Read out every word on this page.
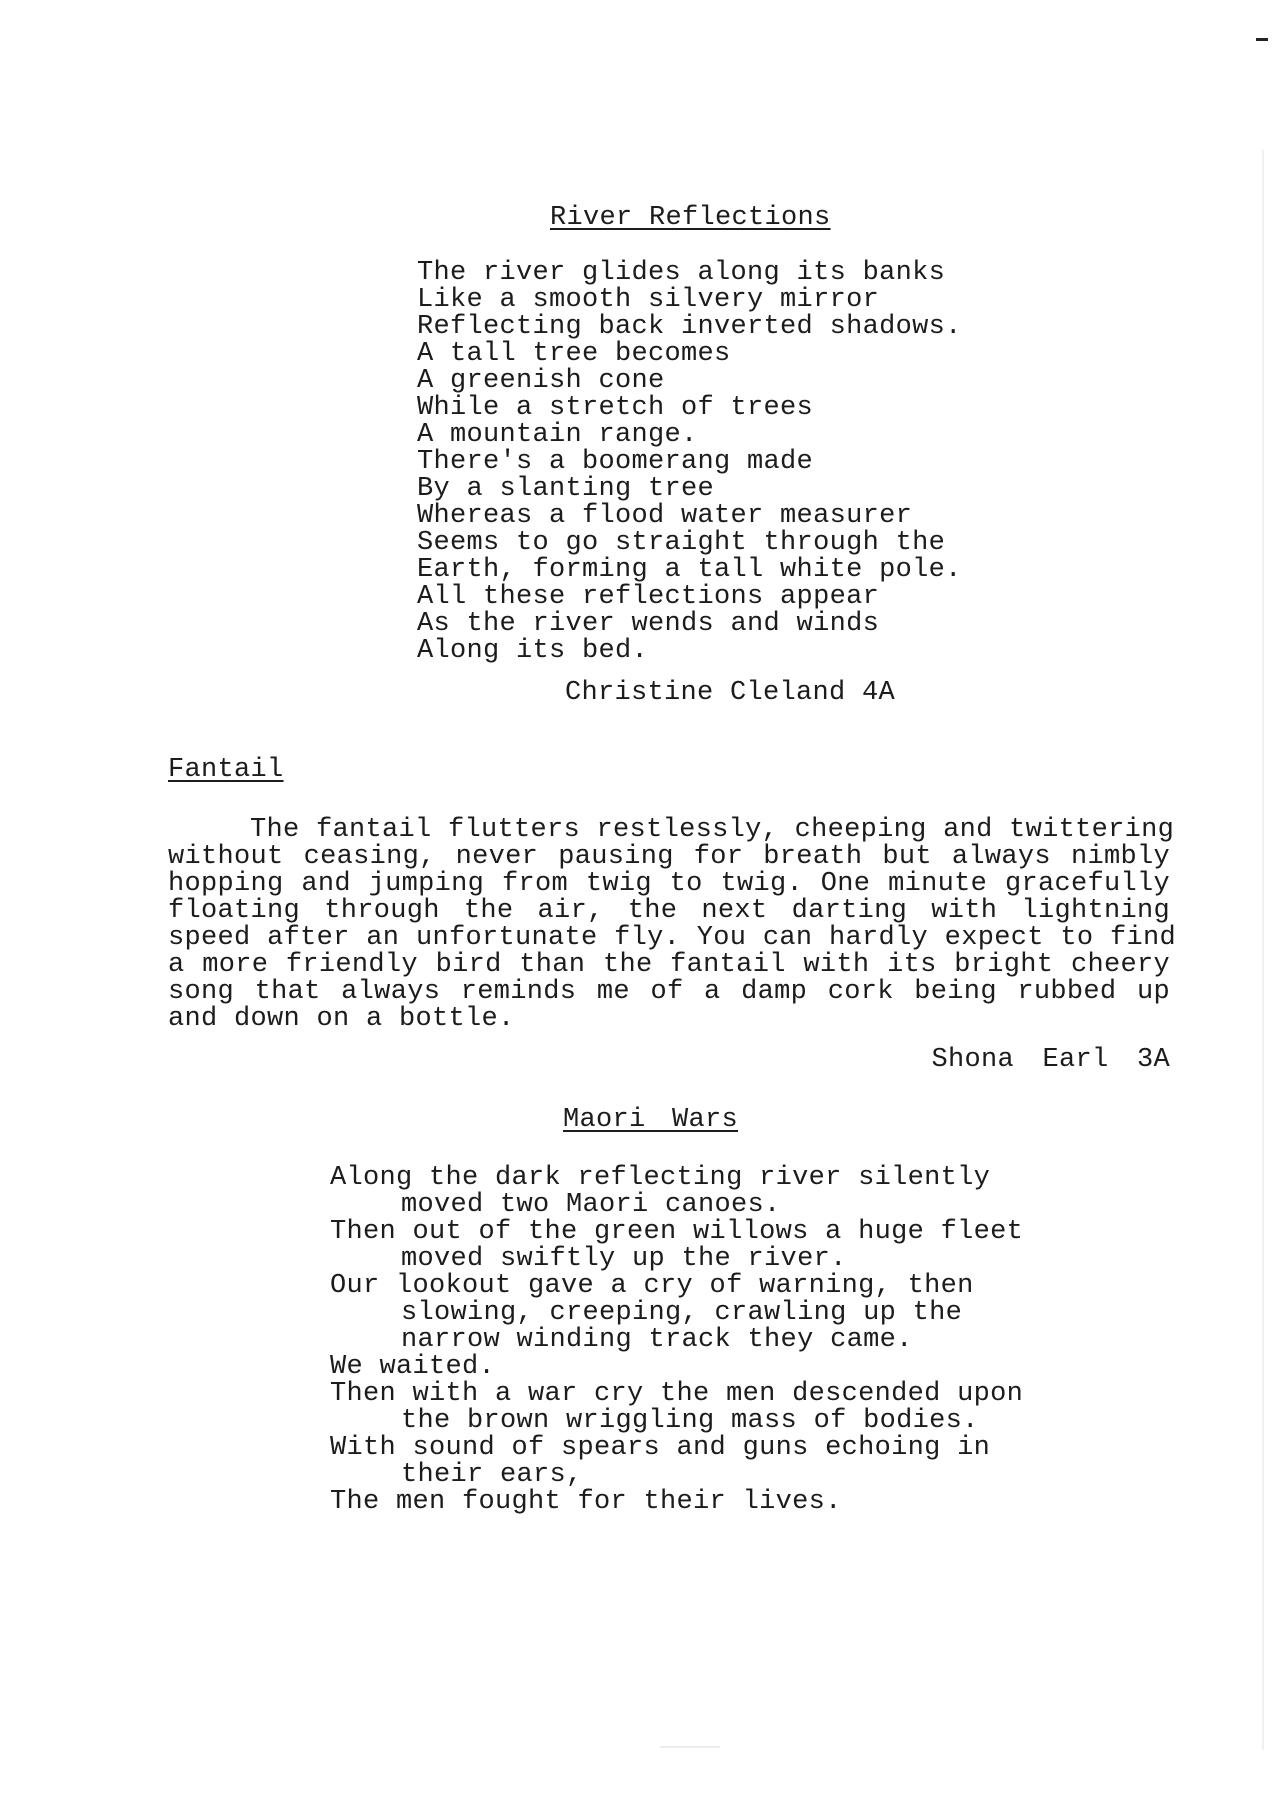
River Reflections
The river glides along its banks
Like a smooth silvery mirror
Reflecting back inverted shadows.
A tall tree becomes
A greenish cone
While a stretch of trees
A mountain range.
There's a boomerang made
By a slanting tree
Whereas a flood water measurer
Seems to go straight through the
Earth, forming a tall white pole.
All these reflections appear
As the river wends and winds
Along its bed.
Christine Cleland 4A
Fantail
The fantail flutters restlessly, cheeping and twittering
without ceasing, never pausing for breath but always nimbly
hopping and jumping from twig to twig. One minute gracefully
floating through the air, the next darting with lightning
speed after an unfortunate fly. You can hardly expect to find
a more friendly bird than the fantail with its bright cheery
song that always reminds me of a damp cork being rubbed up
and down on a bottle.
Shona Earl 3A
Maori Wars
Along the dark reflecting river silently
moved two Maori canoes.
Then out of the green willows a huge fleet
moved swiftly up the river.
Our lookout gave a cry of warning, then
slowing, creeping, crawling up the
narrow winding track they came.
We waited.
Then with a war cry the men descended upon
the brown wriggling mass of bodies.
With sound of spears and guns echoing in
their ears,
The men fought for their lives.
